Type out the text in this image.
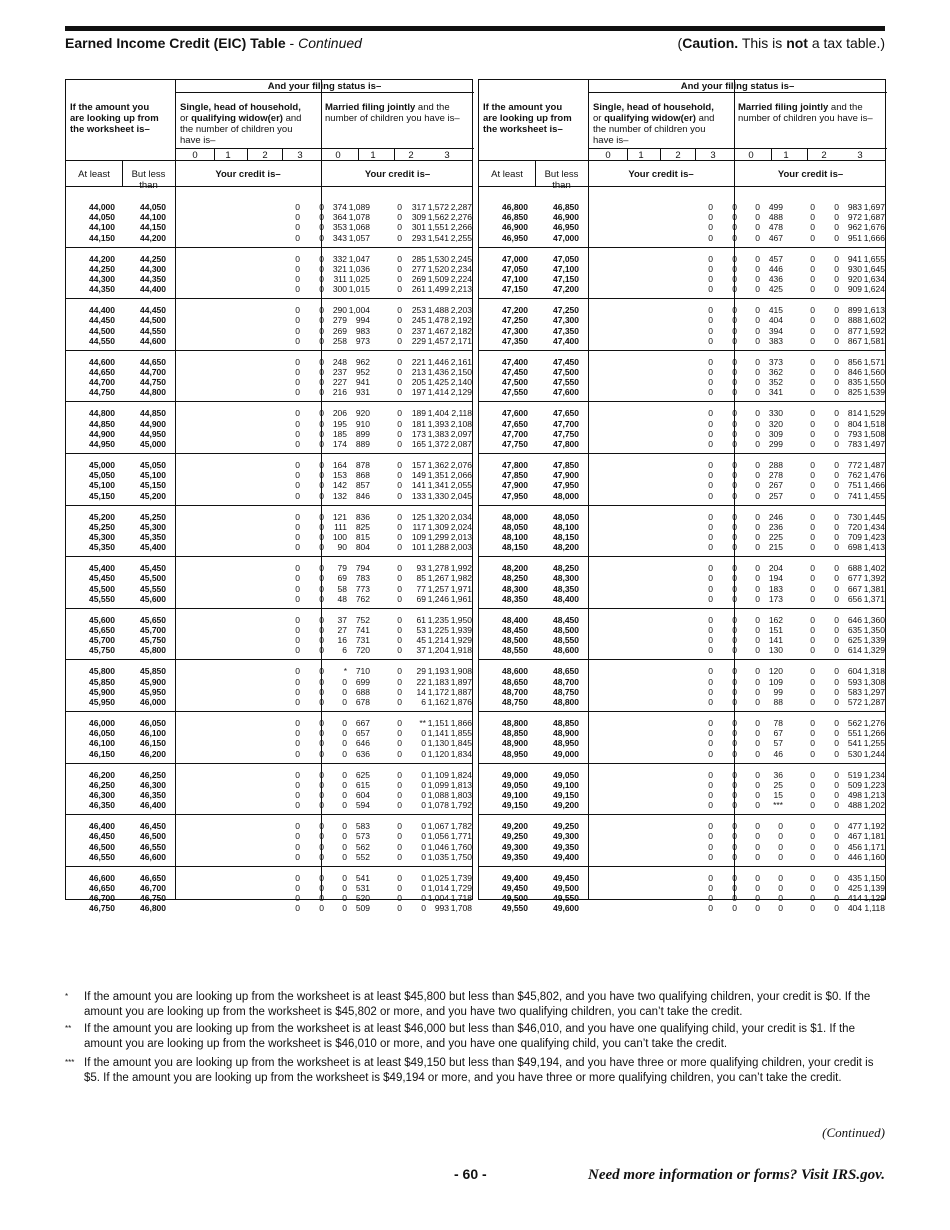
Earned Income Credit (EIC) Table - Continued	(Caution. This is not a tax table.)
And your filing status is–
If the amount you
are looking up from
the worksheet is–
Single, head of household,
or qualifying widow(er) and
the number of children you
have is–
Married filing jointly and the
number of children you have is–
0	1	2	3	0	1	2	3
At least	But less
than
Your credit is–	Your credit is–
44,000	44,050	0 0 374 1,089	0 317 1,572 2,287
44,050	44,100	0 0 364 1,078	0 309 1,562 2,276
44,100	44,150	0 0 353 1,068	0 301 1,551 2,266
44,150	44,200	0 0 343 1,057	0 293 1,541 2,255
44,200	44,250	0 0 332 1,047	0 285 1,530 2,245
44,250	44,300	0 0 321 1,036	0 277 1,520 2,234
44,300	44,350	0 0 311 1,025	0 269 1,509 2,224
44,350	44,400	0 0 300 1,015	0 261 1,499 2,213
44,400	44,450	0 0 290 1,004	0 253 1,488 2,203
44,450	44,500	0 0 279 994	0 245 1,478 2,192
44,500	44,550	0 0 269 983	0 237 1,467 2,182
44,550	44,600	0 0 258 973	0 229 1,457 2,171
44,600	44,650	0 0 248 962	0 221 1,446 2,161
44,650	44,700	0 0 237 952	0 213 1,436 2,150
44,700	44,750	0 0 227 941	0 205 1,425 2,140
44,750	44,800	0 0 216 931	0 197 1,414 2,129
44,800	44,850	0 0 206 920	0 189 1,404 2,118
44,850	44,900	0 0 195 910	0 181 1,393 2,108
44,900	44,950	0 0 185 899	0 173 1,383 2,097
44,950	45,000	0 0 174 889	0 165 1,372 2,087
45,000	45,050	0 0 164 878	0 157 1,362 2,076
45,050	45,100	0 0 153 868	0 149 1,351 2,066
45,100	45,150	0 0 142 857	0 141 1,341 2,055
45,150	45,200	0 0 132 846	0 133 1,330 2,045
45,200	45,250	0 0 121 836	0 125 1,320 2,034
45,250	45,300	0 0 111 825	0 117 1,309 2,024
45,300	45,350	0 0 100 815	0 109 1,299 2,013
45,350	45,400	0 0 90 804	0 101 1,288 2,003
45,400	45,450	0 0 79 794	0 93 1,278 1,992
45,450	45,500	0 0 69 783	0 85 1,267 1,982
45,500	45,550	0 0 58 773	0 77 1,257 1,971
45,550	45,600	0 0 48 762	0 69 1,246 1,961
45,600	45,650	0 0 37 752	0 61 1,235 1,950
45,650	45,700	0 0 27 741	0 53 1,225 1,939
45,700	45,750	0 0 16 731	0 45 1,214 1,929
45,750	45,800	0 0 6 720	0 37 1,204 1,918
45,800	45,850	0 0 * 710	0 29 1,193 1,908
45,850	45,900	0 0 0 699	0 22 1,183 1,897
45,900	45,950	0 0 0 688	0 14 1,172 1,887
45,950	46,000	0 0 0 678	0 6 1,162 1,876
46,000	46,050	0 0 0 667	0 ** 1,151 1,866
46,050	46,100	0 0 0 657	0 0 1,141 1,855
46,100	46,150	0 0 0 646	0 0 1,130 1,845
46,150	46,200	0 0 0 636	0 0 1,120 1,834
46,200	46,250	0 0 0 625	0 0 1,109 1,824
46,250	46,300	0 0 0 615	0 0 1,099 1,813
46,300	46,350	0 0 0 604	0 0 1,088 1,803
46,350	46,400	0 0 0 594	0 0 1,078 1,792
46,400	46,450	0 0 0 583	0 0 1,067 1,782
46,450	46,500	0 0 0 573	0 0 1,056 1,771
46,500	46,550	0 0 0 562	0 0 1,046 1,760
46,550	46,600	0 0 0 552	0 0 1,035 1,750
46,600	46,650	0 0 0 541	0 0 1,025 1,739
46,650	46,700	0 0 0 531	0 0 1,014 1,729
46,700	46,750	0 0 0 520	0 0 1,004 1,718
46,750	46,800	0 0 0 509	0 0 993 1,708
And your filing status is–
If the amount you
are looking up from
the worksheet is–
Single, head of household,
or qualifying widow(er) and
the number of children you
have is–
Married filing jointly and the
number of children you have is–
0	1	2	3	0	1	2	3
At least	But less
than
Your credit is–	Your credit is–
46,800	46,850	0 0 0 499	0 0 983 1,697
46,850	46,900	0 0 0 488	0 0 972 1,687
46,900	46,950	0 0 0 478	0 0 962 1,676
46,950	47,000	0 0 0 467	0 0 951 1,666
47,000	47,050	0 0 0 457	0 0 941 1,655
47,050	47,100	0 0 0 446	0 0 930 1,645
47,100	47,150	0 0 0 436	0 0 920 1,634
47,150	47,200	0 0 0 425	0 0 909 1,624
47,200	47,250	0 0 0 415	0 0 899 1,613
47,250	47,300	0 0 0 404	0 0 888 1,602
47,300	47,350	0 0 0 394	0 0 877 1,592
47,350	47,400	0 0 0 383	0 0 867 1,581
47,400	47,450	0 0 0 373	0 0 856 1,571
47,450	47,500	0 0 0 362	0 0 846 1,560
47,500	47,550	0 0 0 352	0 0 835 1,550
47,550	47,600	0 0 0 341	0 0 825 1,539
47,600	47,650	0 0 0 330	0 0 814 1,529
47,650	47,700	0 0 0 320	0 0 804 1,518
47,700	47,750	0 0 0 309	0 0 793 1,508
47,750	47,800	0 0 0 299	0 0 783 1,497
47,800	47,850	0 0 0 288	0 0 772 1,487
47,850	47,900	0 0 0 278	0 0 762 1,476
47,900	47,950	0 0 0 267	0 0 751 1,466
47,950	48,000	0 0 0 257	0 0 741 1,455
48,000	48,050	0 0 0 246	0 0 730 1,445
48,050	48,100	0 0 0 236	0 0 720 1,434
48,100	48,150	0 0 0 225	0 0 709 1,423
48,150	48,200	0 0 0 215	0 0 698 1,413
48,200	48,250	0 0 0 204	0 0 688 1,402
48,250	48,300	0 0 0 194	0 0 677 1,392
48,300	48,350	0 0 0 183	0 0 667 1,381
48,350	48,400	0 0 0 173	0 0 656 1,371
48,400	48,450	0 0 0 162	0 0 646 1,360
48,450	48,500	0 0 0 151	0 0 635 1,350
48,500	48,550	0 0 0 141	0 0 625 1,339
48,550	48,600	0 0 0 130	0 0 614 1,329
48,600	48,650	0 0 0 120	0 0 604 1,318
48,650	48,700	0 0 0 109	0 0 593 1,308
48,700	48,750	0 0 0 99	0 0 583 1,297
48,750	48,800	0 0 0 88	0 0 572 1,287
48,800	48,850	0 0 0 78	0 0 562 1,276
48,850	48,900	0 0 0 67	0 0 551 1,266
48,900	48,950	0 0 0 57	0 0 541 1,255
48,950	49,000	0 0 0 46	0 0 530 1,244
49,000	49,050	0 0 0 36	0 0 519 1,234
49,050	49,100	0 0 0 25	0 0 509 1,223
49,100	49,150	0 0 0 15	0 0 498 1,213
49,150	49,200	0 0 0 ***	0 0 488 1,202
49,200	49,250	0 0 0 0	0 0 477 1,192
49,250	49,300	0 0 0 0	0 0 467 1,181
49,300	49,350	0 0 0 0	0 0 456 1,171
49,350	49,400	0 0 0 0	0 0 446 1,160
49,400	49,450	0 0 0 0	0 0 435 1,150
49,450	49,500	0 0 0 0	0 0 425 1,139
49,500	49,550	0 0 0 0	0 0 414 1,129
49,550	49,600	0 0 0 0	0 0 404 1,118
* If the amount you are looking up from the worksheet is at least $45,800 but less than $45,802, and you have two qualifying children, your credit is $0. If the amount you are looking up from the worksheet is $45,802 or more, and you have two qualifying children, you can’t take the credit.
** If the amount you are looking up from the worksheet is at least $46,000 but less than $46,010, and you have one qualifying child, your credit is $1. If the amount you are looking up from the worksheet is $46,010 or more, and you have one qualifying child, you can’t take the credit.
*** If the amount you are looking up from the worksheet is at least $49,150 but less than $49,194, and you have three or more qualifying children, your credit is $5. If the amount you are looking up from the worksheet is $49,194 or more, and you have three or more qualifying children, you can’t take the credit.
(Continued)
- 60 -	Need more information or forms? Visit IRS.gov.
